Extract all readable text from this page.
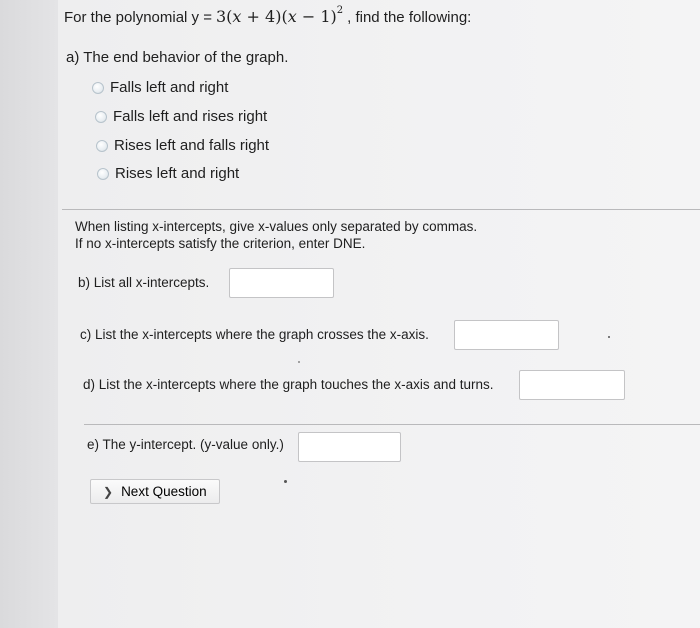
For the polynomial $y = 3(x + 4)(x - 1)^2$ , find the following:
a) The end behavior of the graph.
Falls left and right
Falls left and rises right
Rises left and falls right
Rises left and right
When listing x-intercepts, give x-values only separated by commas.
If no x-intercepts satisfy the criterion, enter DNE.
b) List all x-intercepts.
c) List the x-intercepts where the graph crosses the x-axis.
d) List the x-intercepts where the graph touches the x-axis and turns.
e) The y-intercept. (y-value only.)
❯ Next Question
